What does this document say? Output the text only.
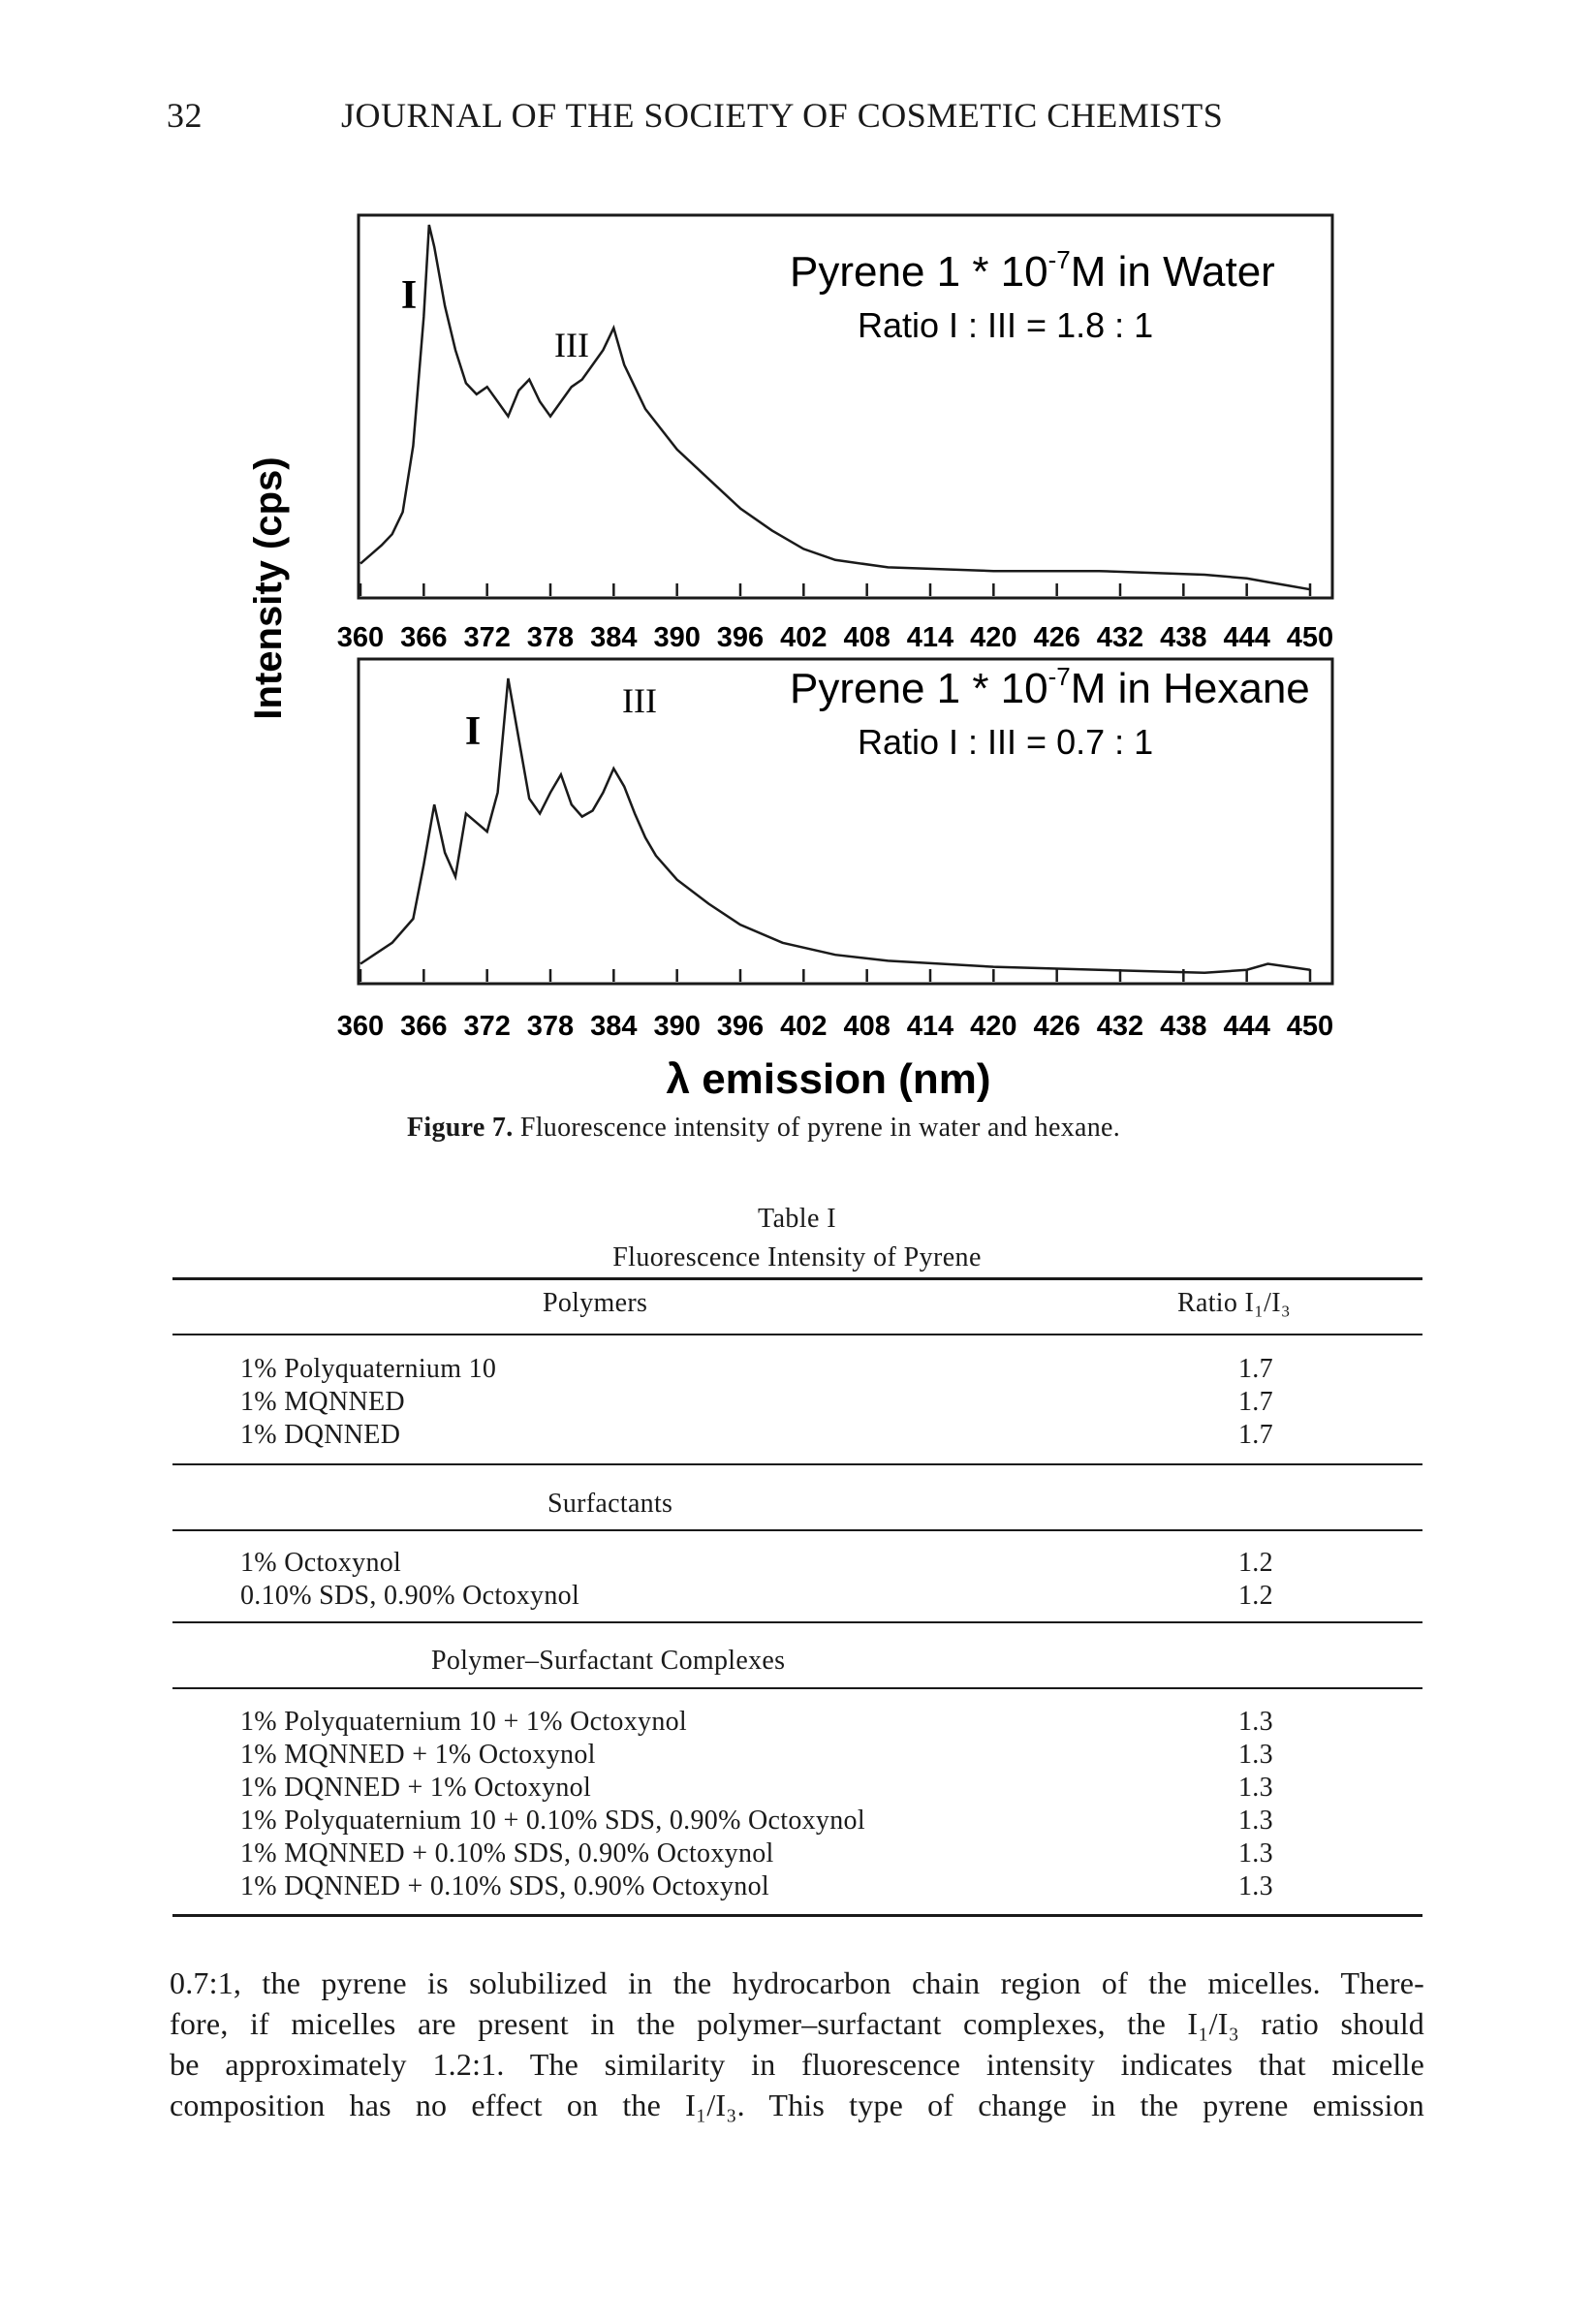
32	JOURNAL OF THE SOCIETY OF COSMETIC CHEMISTS
Intensity (cps)
I
III
Pyrene $1 * 10^{-7}M$ in Water
Ratio I : III = 1.8 : 1
360 366 372 378 384 390 396 402 408 414 420 426 432 438 444 450
I
III	Pyrene $1 * 10^{-7}M$ in Hexane
Ratio I : III = 0.7 : 1
360 366 372 378 384 390 396 402 408 414 420 426 432 438 444 450
λ emission (nm)
Figure 7. Fluorescence intensity of pyrene in water and hexane.
Table I
Fluorescence Intensity of Pyrene
Polymers	Ratio I₁/I₃
1% Polyquaternium 10	1.7
1% MQNNED	1.7
1% DQNNED	1.7
Surfactants
1% Octoxynol	1.2
0.10% SDS, 0.90% Octoxynol	1.2
Polymer–Surfactant Complexes
1% Polyquaternium 10 + 1% Octoxynol	1.3
1% MQNNED + 1% Octoxynol	1.3
1% DQNNED + 1% Octoxynol	1.3
1% Polyquaternium 10 + 0.10% SDS, 0.90% Octoxynol	1.3
1% MQNNED + 0.10% SDS, 0.90% Octoxynol	1.3
1% DQNNED + 0.10% SDS, 0.90% Octoxynol	1.3
0.7:1, the pyrene is solubilized in the hydrocarbon chain region of the micelles. There-
fore, if micelles are present in the polymer–surfactant complexes, the I₁/I₃ ratio should
be approximately 1.2:1. The similarity in fluorescence intensity indicates that micelle
composition has no effect on the I₁/I₃. This type of change in the pyrene emission
